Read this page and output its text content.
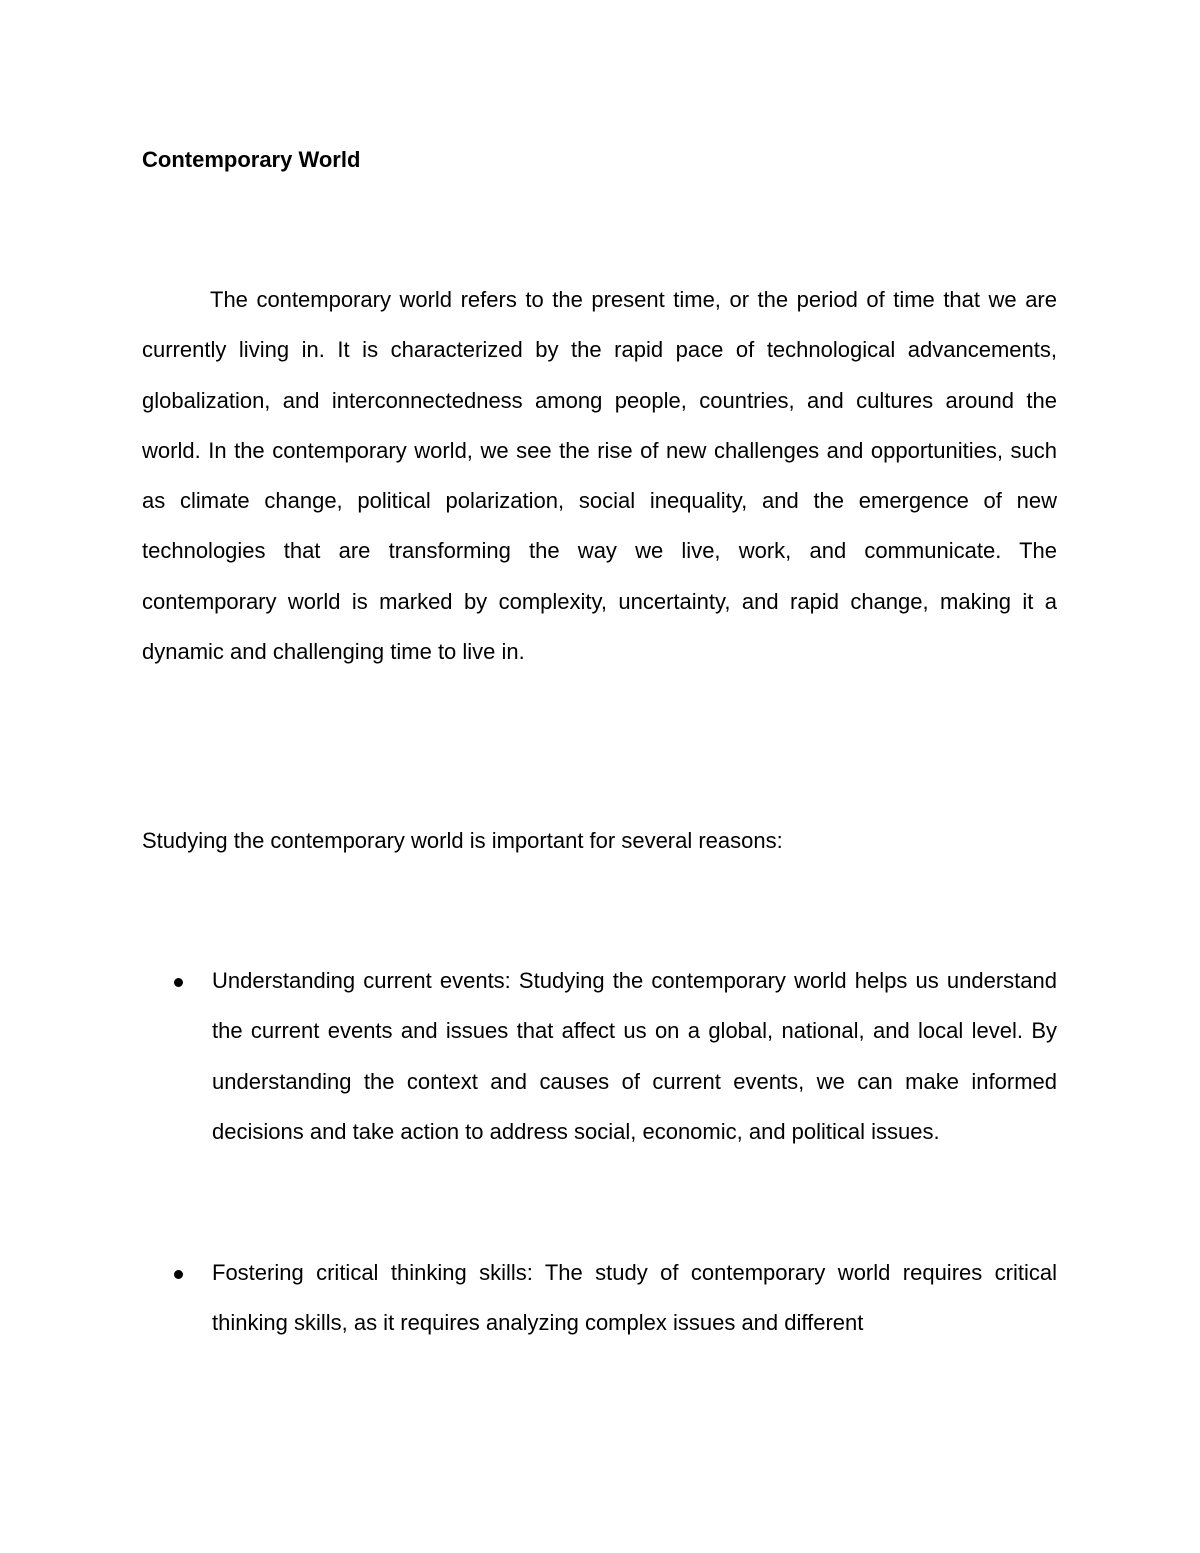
Contemporary World

The contemporary world refers to the present time, or the period of time that we are currently living in. It is characterized by the rapid pace of technological advancements, globalization, and interconnectedness among people, countries, and cultures around the world. In the contemporary world, we see the rise of new challenges and opportunities, such as climate change, political polarization, social inequality, and the emergence of new technologies that are transforming the way we live, work, and communicate. The contemporary world is marked by complexity, uncertainty, and rapid change, making it a dynamic and challenging time to live in.

Studying the contemporary world is important for several reasons:

Understanding current events: Studying the contemporary world helps us understand the current events and issues that affect us on a global, national, and local level. By understanding the context and causes of current events, we can make informed decisions and take action to address social, economic, and political issues.
Fostering critical thinking skills: The study of contemporary world requires critical thinking skills, as it requires analyzing complex issues and different
